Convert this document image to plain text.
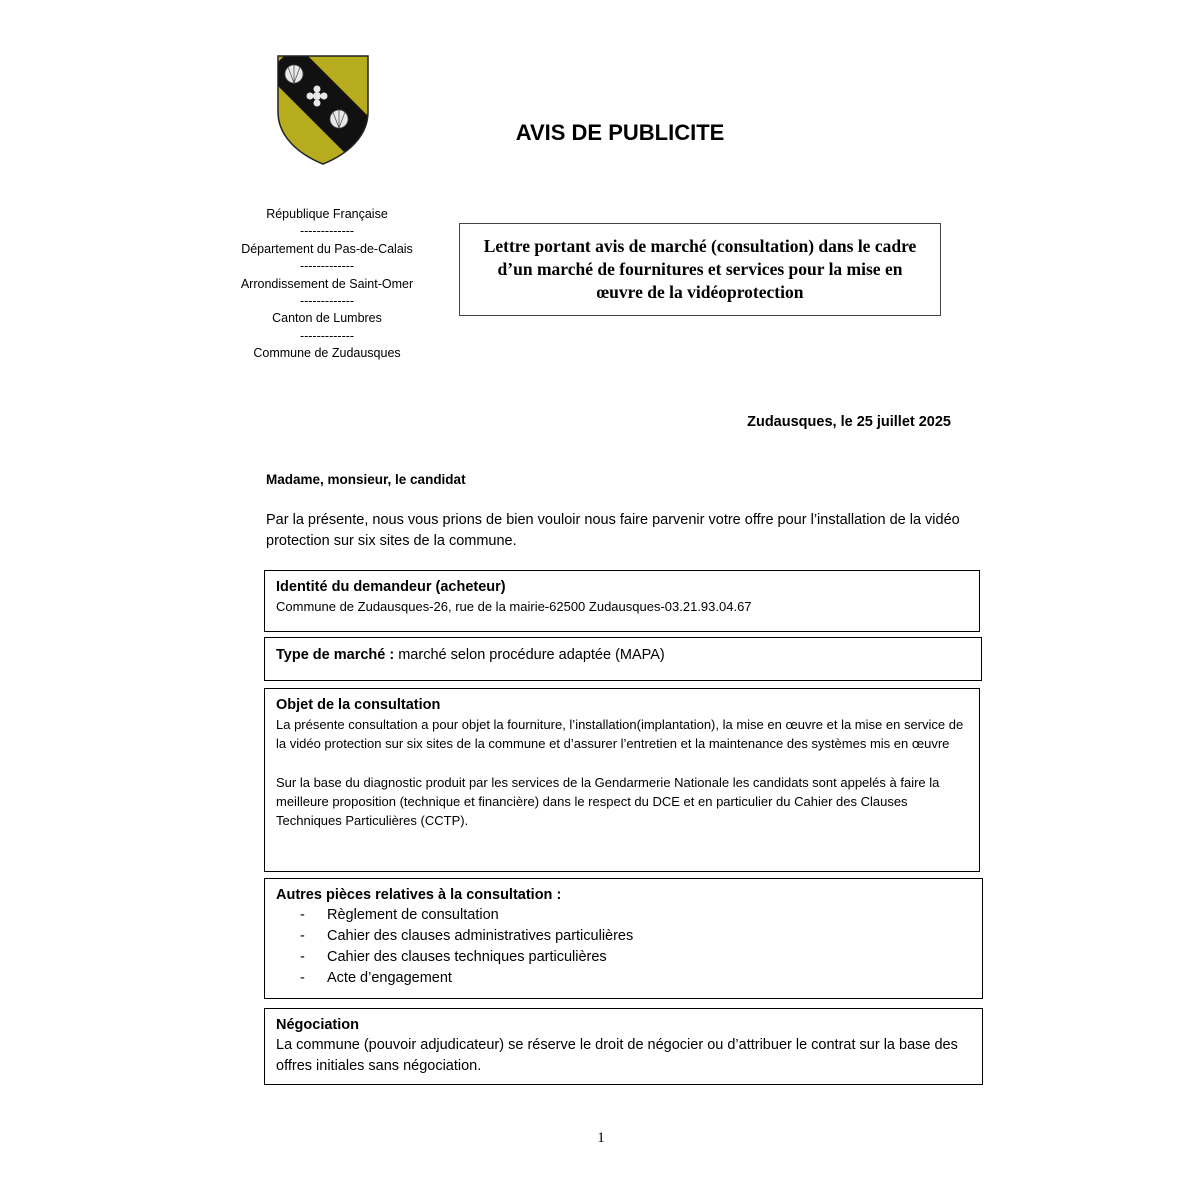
AVIS DE PUBLICITE
République Française
-------------
Département du Pas-de-Calais
-------------
Arrondissement de Saint-Omer
-------------
Canton de Lumbres
-------------
Commune de Zudausques
Lettre portant avis de marché (consultation) dans le cadre d’un marché de fournitures et services pour la mise en œuvre de la vidéoprotection
Zudausques, le 25 juillet 2025
Madame, monsieur, le candidat
Par la présente, nous vous prions de bien vouloir nous faire parvenir votre offre pour l’installation de la vidéo protection sur six sites de la commune.
Identité du demandeur (acheteur)
Commune de Zudausques-26, rue de la mairie-62500 Zudausques-03.21.93.04.67
Type de marché : marché selon procédure adaptée (MAPA)
Objet de la consultation
La présente consultation a pour objet la fourniture, l’installation(implantation), la mise en œuvre et la mise en service de la vidéo protection sur six sites de la commune et d’assurer l’entretien et la maintenance des systèmes mis en œuvre
Sur la base du diagnostic produit par les services de la Gendarmerie Nationale les candidats sont appelés à faire la meilleure proposition (technique et financière) dans le respect du DCE et en particulier du Cahier des Clauses Techniques Particulières (CCTP).
Autres pièces relatives à la consultation :
- Règlement de consultation
- Cahier des clauses administratives particulières
- Cahier des clauses techniques particulières
- Acte d’engagement
Négociation
La commune (pouvoir adjudicateur) se réserve le droit de négocier ou d’attribuer le contrat sur la base des offres initiales sans négociation.
1
